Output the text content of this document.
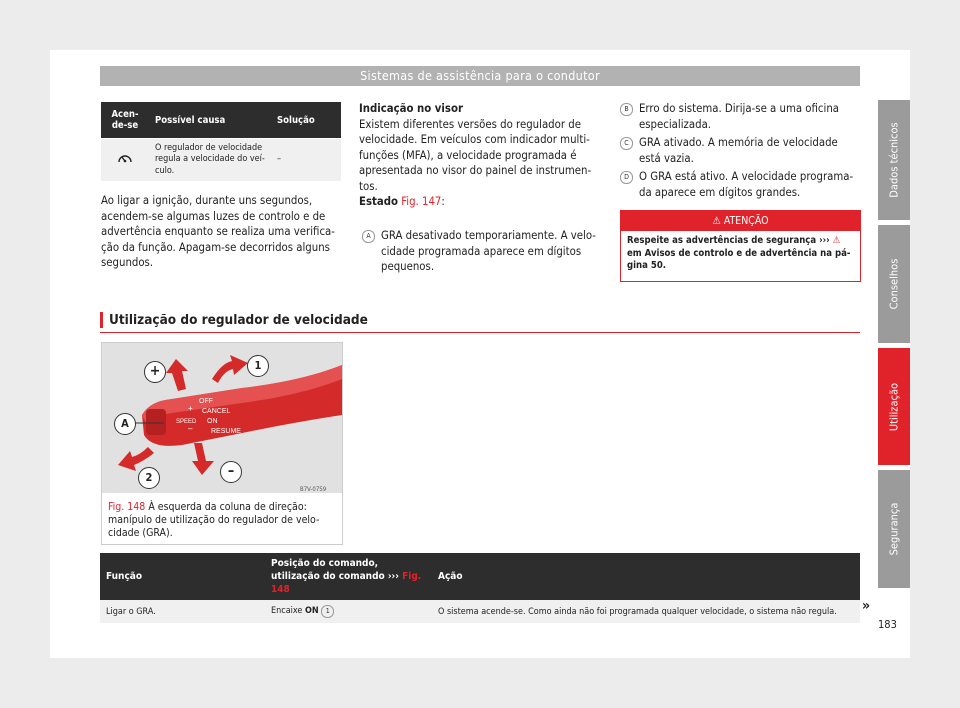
Sistemas de assistência para o condutor
Dados técnicos
Conselhos
Utilização
Segurança
Acen-de-se	Possível causa	Solução
	O regulador de velocidade regula a velocidade do veí-culo.	–
Ao ligar a ignição, durante uns segundos, acendem-se algumas luzes de controlo e de advertência enquanto se realiza uma verifica-ção da função. Apagam-se decorridos alguns segundos.
Indicação no visor
Existem diferentes versões do regulador de velocidade. Em veículos com indicador multi-funções (MFA), a velocidade programada é apresentada no visor do painel de instrumen-tos.
Estado Fig. 147:
A GRA desativado temporariamente. A velo-cidade programada aparece em dígitos pequenos.
B Erro do sistema. Dirija-se a uma oficina especializada.
C GRA ativado. A memória de velocidade está vazia.
D O GRA está ativo. A velocidade programa-da aparece em dígitos grandes.
⚠ ATENÇÃO
Respeite as advertências de segurança ››› ⚠
em Avisos de controlo e de advertência na pá-gina 50.
Utilização do regulador de velocidade
OFF
CANCEL
ON
RESUME
SPEED
+
–
+	1
A
2	–
B7V-0759
Fig. 148 À esquerda da coluna de direção: manípulo de utilização do regulador de velo-cidade (GRA).
Função	Posição do comando, utilização do comando ››› Fig. 148	Ação
Ligar o GRA.	Encaixe ON 1	O sistema acende-se. Como ainda não foi programada qualquer velocidade, o sistema não regula. »
183
